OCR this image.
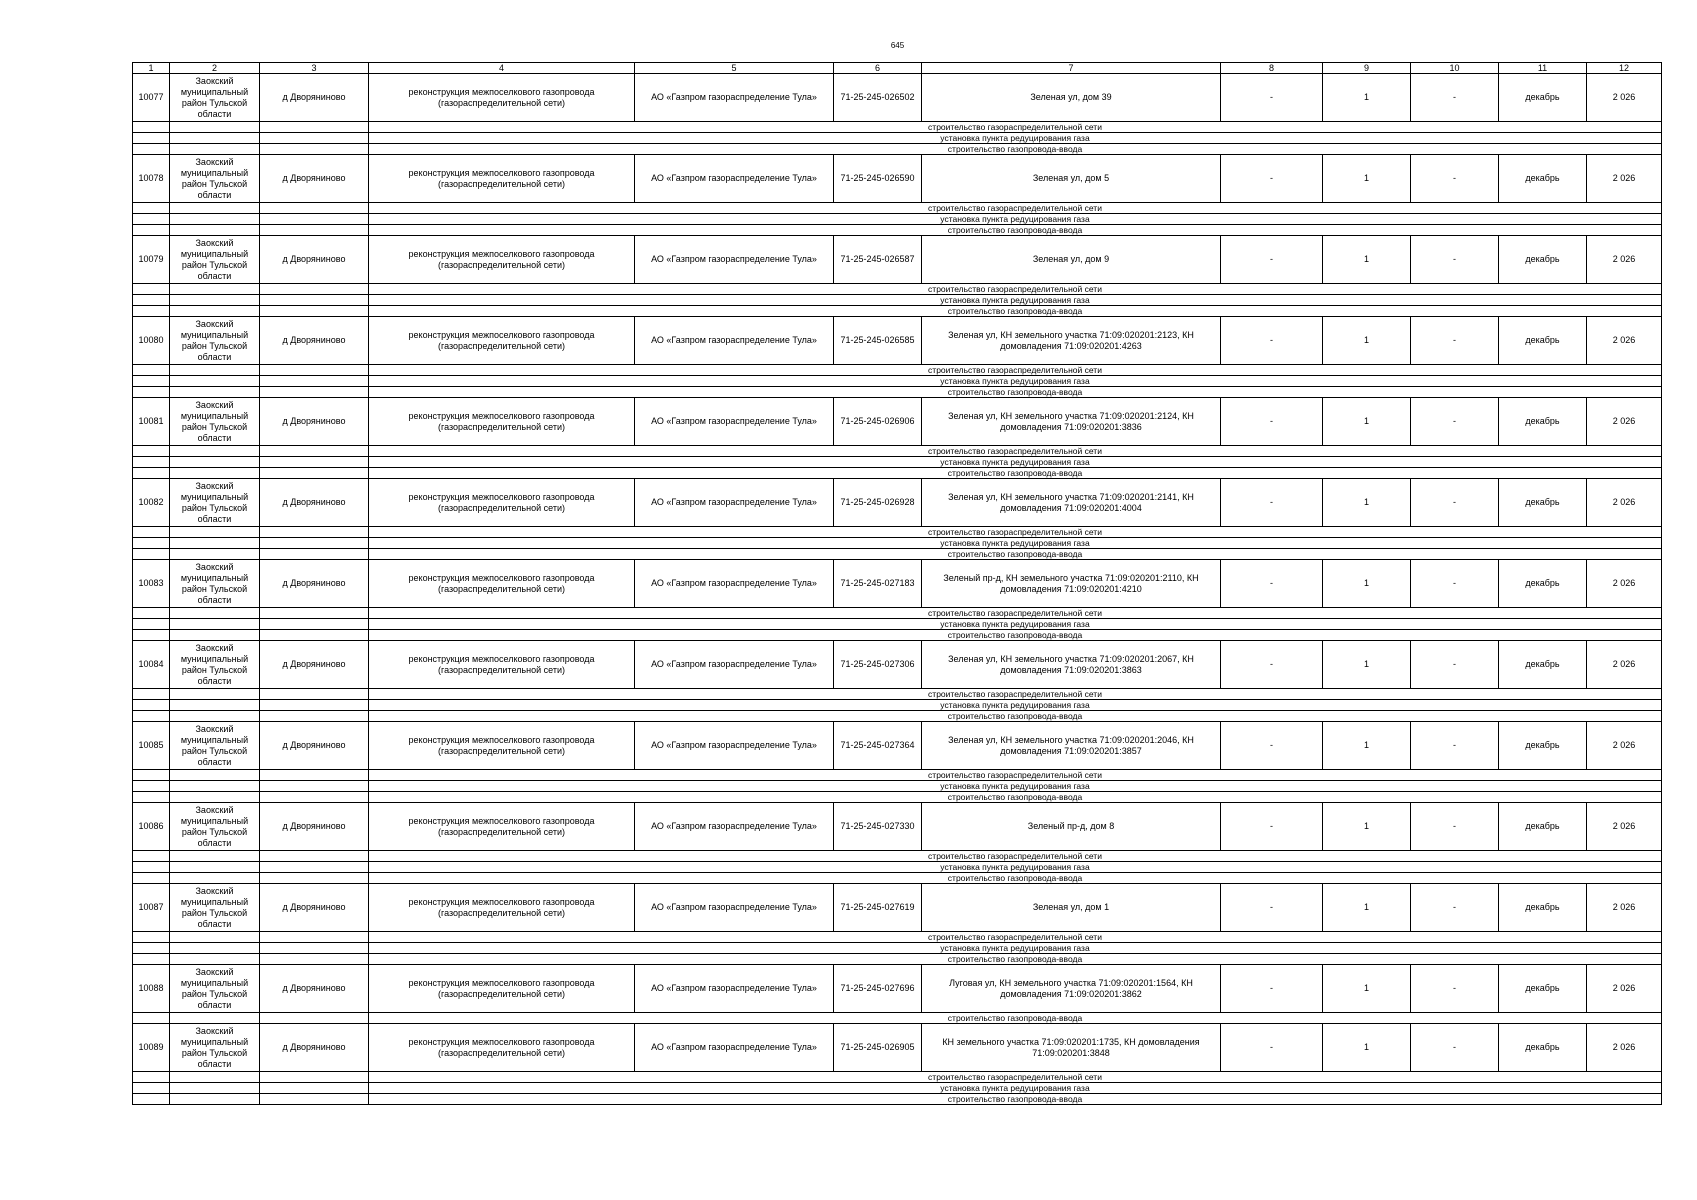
645
1	2	3	4	5	6	7	8	9	10	11	12
10077	Заокский муниципальный район Тульской области	д Дворяниново	реконструкция межпоселкового газопровода (газораспределительной сети)	АО «Газпром газораспределение Тула»	71-25-245-026502	Зеленая ул, дом 39	-	1	-	декабрь	2 026
			строительство газораспределительной сети								
			установка пункта редуцирования газа								
			строительство газопровода-ввода								
10078	Заокский муниципальный район Тульской области	д Дворяниново	реконструкция межпоселкового газопровода (газораспределительной сети)	АО «Газпром газораспределение Тула»	71-25-245-026590	Зеленая ул, дом 5	-	1	-	декабрь	2 026
			строительство газораспределительной сети								
			установка пункта редуцирования газа								
			строительство газопровода-ввода								
10079	Заокский муниципальный район Тульской области	д Дворяниново	реконструкция межпоселкового газопровода (газораспределительной сети)	АО «Газпром газораспределение Тула»	71-25-245-026587	Зеленая ул, дом 9	-	1	-	декабрь	2 026
			строительство газораспределительной сети								
			установка пункта редуцирования газа								
			строительство газопровода-ввода								
10080	Заокский муниципальный район Тульской области	д Дворяниново	реконструкция межпоселкового газопровода (газораспределительной сети)	АО «Газпром газораспределение Тула»	71-25-245-026585	Зеленая ул, КН земельного участка 71:09:020201:2123, КН домовладения 71:09:020201:4263	-	1	-	декабрь	2 026
			строительство газораспределительной сети								
			установка пункта редуцирования газа								
			строительство газопровода-ввода								
10081	Заокский муниципальный район Тульской области	д Дворяниново	реконструкция межпоселкового газопровода (газораспределительной сети)	АО «Газпром газораспределение Тула»	71-25-245-026906	Зеленая ул, КН земельного участка 71:09:020201:2124, КН домовладения 71:09:020201:3836	-	1	-	декабрь	2 026
			строительство газораспределительной сети								
			установка пункта редуцирования газа								
			строительство газопровода-ввода								
10082	Заокский муниципальный район Тульской области	д Дворяниново	реконструкция межпоселкового газопровода (газораспределительной сети)	АО «Газпром газораспределение Тула»	71-25-245-026928	Зеленая ул, КН земельного участка 71:09:020201:2141, КН домовладения 71:09:020201:4004	-	1	-	декабрь	2 026
			строительство газораспределительной сети								
			установка пункта редуцирования газа								
			строительство газопровода-ввода								
10083	Заокский муниципальный район Тульской области	д Дворяниново	реконструкция межпоселкового газопровода (газораспределительной сети)	АО «Газпром газораспределение Тула»	71-25-245-027183	Зеленый пр-д, КН земельного участка 71:09:020201:2110, КН домовладения 71:09:020201:4210	-	1	-	декабрь	2 026
			строительство газораспределительной сети								
			установка пункта редуцирования газа								
			строительство газопровода-ввода								
10084	Заокский муниципальный район Тульской области	д Дворяниново	реконструкция межпоселкового газопровода (газораспределительной сети)	АО «Газпром газораспределение Тула»	71-25-245-027306	Зеленая ул, КН земельного участка 71:09:020201:2067, КН домовладения 71:09:020201:3863	-	1	-	декабрь	2 026
			строительство газораспределительной сети								
			установка пункта редуцирования газа								
			строительство газопровода-ввода								
10085	Заокский муниципальный район Тульской области	д Дворяниново	реконструкция межпоселкового газопровода (газораспределительной сети)	АО «Газпром газораспределение Тула»	71-25-245-027364	Зеленая ул, КН земельного участка 71:09:020201:2046, КН домовладения 71:09:020201:3857	-	1	-	декабрь	2 026
			строительство газораспределительной сети								
			установка пункта редуцирования газа								
			строительство газопровода-ввода								
10086	Заокский муниципальный район Тульской области	д Дворяниново	реконструкция межпоселкового газопровода (газораспределительной сети)	АО «Газпром газораспределение Тула»	71-25-245-027330	Зеленый пр-д, дом 8	-	1	-	декабрь	2 026
			строительство газораспределительной сети								
			установка пункта редуцирования газа								
			строительство газопровода-ввода								
10087	Заокский муниципальный район Тульской области	д Дворяниново	реконструкция межпоселкового газопровода (газораспределительной сети)	АО «Газпром газораспределение Тула»	71-25-245-027619	Зеленая ул, дом 1	-	1	-	декабрь	2 026
			строительство газораспределительной сети								
			установка пункта редуцирования газа								
			строительство газопровода-ввода								
10088	Заокский муниципальный район Тульской области	д Дворяниново	реконструкция межпоселкового газопровода (газораспределительной сети)	АО «Газпром газораспределение Тула»	71-25-245-027696	Луговая ул, КН земельного участка 71:09:020201:1564, КН домовладения 71:09:020201:3862	-	1	-	декабрь	2 026
			строительство газопровода-ввода								
10089	Заокский муниципальный район Тульской области	д Дворяниново	реконструкция межпоселкового газопровода (газораспределительной сети)	АО «Газпром газораспределение Тула»	71-25-245-026905	КН земельного участка 71:09:020201:1735, КН домовладения 71:09:020201:3848	-	1	-	декабрь	2 026
			строительство газораспределительной сети								
			установка пункта редуцирования газа								
			строительство газопровода-ввода								
